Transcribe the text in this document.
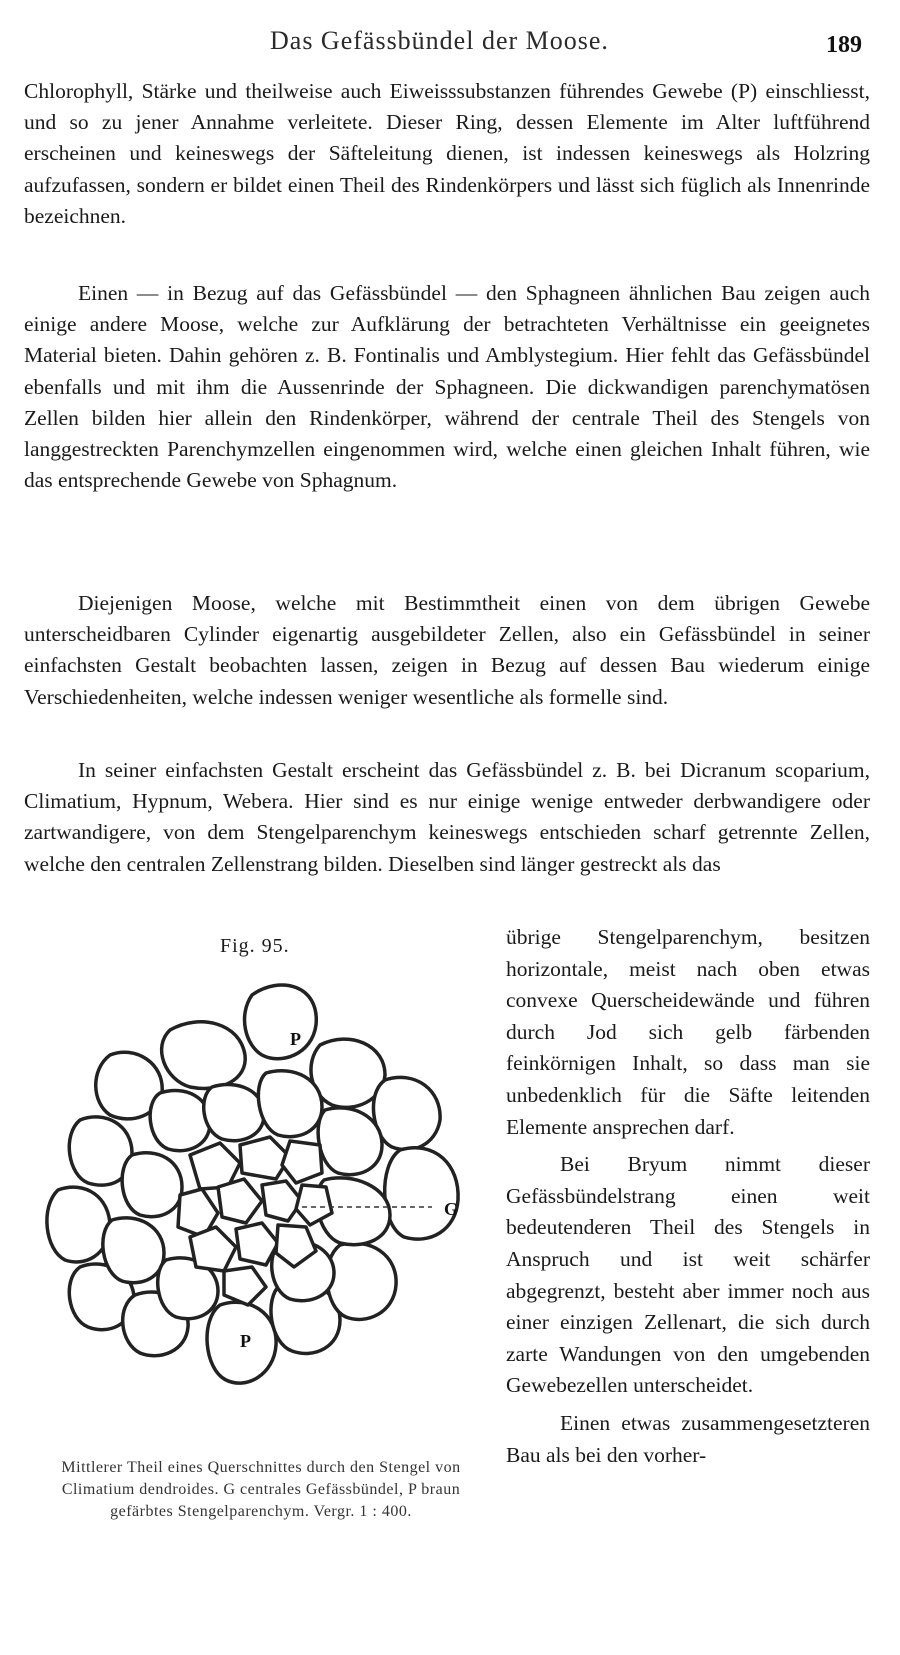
Das Gefässbündel der Moose.	189

Chlorophyll, Stärke und theilweise auch Eiweisssubstanzen führendes Gewebe (P) einschliesst, und so zu jener Annahme verleitete. Dieser Ring, dessen Elemente im Alter luftführend erscheinen und keineswegs der Säfteleitung dienen, ist indessen keineswegs als Holzring aufzufassen, sondern er bildet einen Theil des Rindenkörpers und lässt sich füglich als Innenrinde bezeichnen.

Einen — in Bezug auf das Gefässbündel — den Sphagneen ähnlichen Bau zeigen auch einige andere Moose, welche zur Aufklärung der betrachteten Verhältnisse ein geeignetes Material bieten. Dahin gehören z. B. Fontinalis und Amblystegium. Hier fehlt das Gefässbündel ebenfalls und mit ihm die Aussenrinde der Sphagneen. Die dickwandigen parenchymatösen Zellen bilden hier allein den Rindenkörper, während der centrale Theil des Stengels von langgestreckten Parenchymzellen eingenommen wird, welche einen gleichen Inhalt führen, wie das entsprechende Gewebe von Sphagnum.

Diejenigen Moose, welche mit Bestimmtheit einen von dem übrigen Gewebe unterscheidbaren Cylinder eigenartig ausgebildeter Zellen, also ein Gefässbündel in seiner einfachsten Gestalt beobachten lassen, zeigen in Bezug auf dessen Bau wiederum einige Verschiedenheiten, welche indessen weniger wesentliche als formelle sind.

In seiner einfachsten Gestalt erscheint das Gefässbündel z. B. bei Dicranum scoparium, Climatium, Hypnum, Webera. Hier sind es nur einige wenige entweder derbwandigere oder zartwandigere, von dem Stengelparenchym keineswegs entschieden scharf getrennte Zellen, welche den centralen Zellenstrang bilden. Dieselben sind länger gestreckt als das

Fig. 95.
P
P
G
Mittlerer Theil eines Querschnittes durch den Stengel von Climatium dendroides. G centrales Gefässbündel, P braun gefärbtes Stengelparenchym. Vergr. 1 : 400.

übrige Stengelparenchym, besitzen horizontale, meist nach oben etwas convexe Querscheidewände und führen durch Jod sich gelb färbenden feinkörnigen Inhalt, so dass man sie unbedenklich für die Säfte leitenden Elemente ansprechen darf.

Bei Bryum nimmt dieser Gefässbündelstrang einen weit bedeutenderen Theil des Stengels in Anspruch und ist weit schärfer abgegrenzt, besteht aber immer noch aus einer einzigen Zellenart, die sich durch zarte Wandungen von den umgebenden Gewebezellen unterscheidet.

Einen etwas zusammengesetzteren Bau als bei den vorher-
